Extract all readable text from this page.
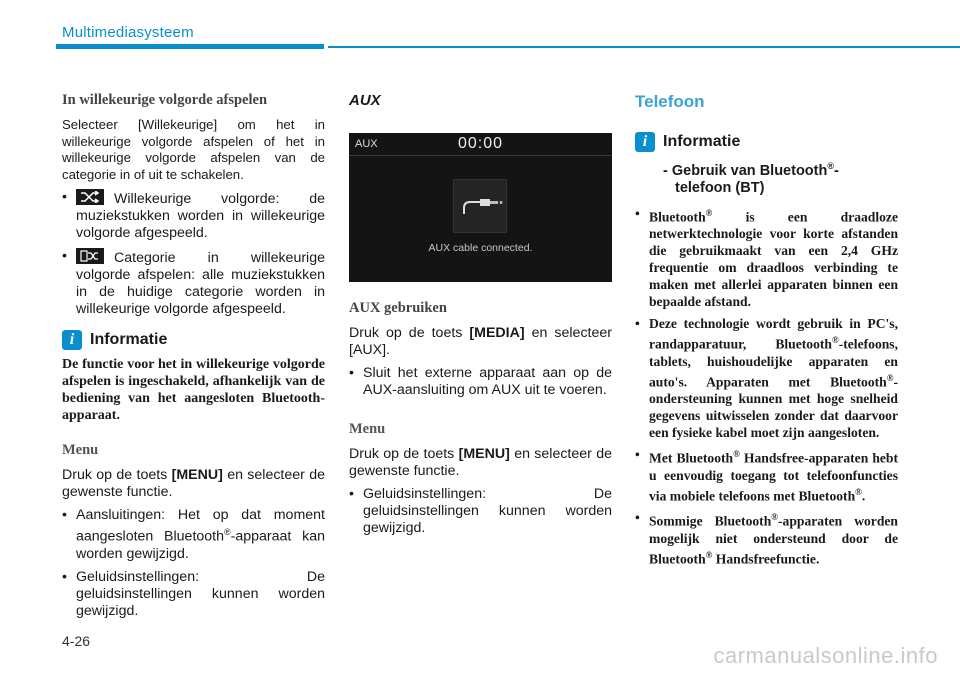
Multimediasysteem
In willekeurige volgorde afspelen
Selecteer [Willekeurige] om het in willekeurige volgorde afspelen of het in willekeurige volgorde afspelen van de categorie in of uit te schakelen.
• Willekeurige volgorde: de muziekstukken worden in willekeurige volgorde afgespeeld.
• Categorie in willekeurige volgorde afspelen: alle muziekstukken in de huidige categorie worden in willekeurige volgorde afgespeeld.
i Informatie
De functie voor het in willekeurige volgorde afspelen is ingeschakeld, afhankelijk van de bediening van het aangesloten Bluetooth-apparaat.
Menu
Druk op de toets [MENU] en selecteer de gewenste functie.
• Aansluitingen: Het op dat moment aangesloten Bluetooth®-apparaat kan worden gewijzigd.
• Geluidsinstellingen: De geluidsinstellingen kunnen worden gewijzigd.
AUX
AUX	00:00
AUX cable connected.
AUX gebruiken
Druk op de toets [MEDIA] en selecteer [AUX].
• Sluit het externe apparaat aan op de AUX-aansluiting om AUX uit te voeren.
Menu
Druk op de toets [MENU] en selecteer de gewenste functie.
• Geluidsinstellingen: De geluidsinstellingen kunnen worden gewijzigd.
Telefoon
i Informatie
- Gebruik van Bluetooth®-
telefoon (BT)
• Bluetooth® is een draadloze netwerktechnologie voor korte afstanden die gebruikmaakt van een 2,4 GHz frequentie om draadloos verbinding te maken met allerlei apparaten binnen een bepaalde afstand.
• Deze technologie wordt gebruik in PC's, randapparatuur, Bluetooth®-telefoons, tablets, huishoudelijke apparaten en auto's. Apparaten met Bluetooth®-ondersteuning kunnen met hoge snelheid gegevens uitwisselen zonder dat daarvoor een fysieke kabel moet zijn aangesloten.
• Met Bluetooth® Handsfree-apparaten hebt u eenvoudig toegang tot telefoonfuncties via mobiele telefoons met Bluetooth®.
• Sommige Bluetooth®-apparaten worden mogelijk niet ondersteund door de Bluetooth® Handsfreefunctie.
4-26
carmanualsonline.info
